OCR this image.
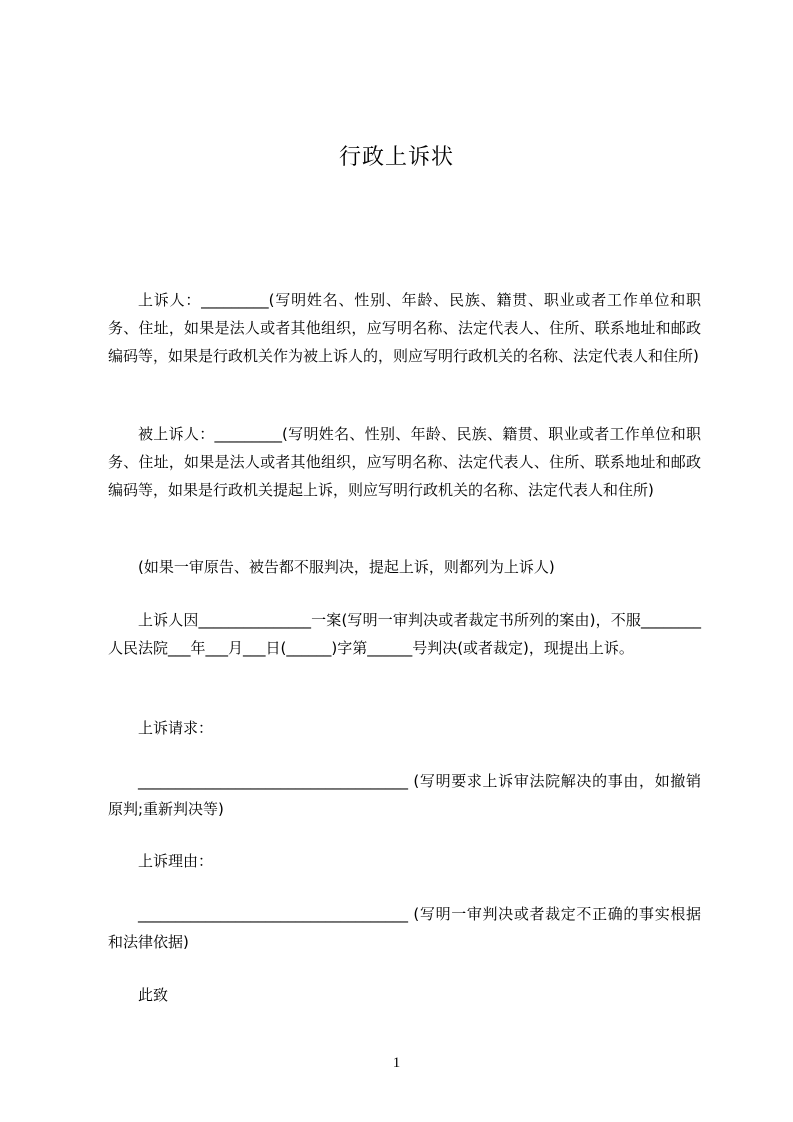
行政上诉状

上诉人：_________(写明姓名、性别、年龄、民族、籍贯、职业或者工作单位和职务、住址，如果是法人或者其他组织，应写明名称、法定代表人、住所、联系地址和邮政编码等，如果是行政机关作为被上诉人的，则应写明行政机关的名称、法定代表人和住所)

被上诉人：_________(写明姓名、性别、年龄、民族、籍贯、职业或者工作单位和职务、住址，如果是法人或者其他组织，应写明名称、法定代表人、住所、联系地址和邮政编码等，如果是行政机关提起上诉，则应写明行政机关的名称、法定代表人和住所)

(如果一审原告、被告都不服判决，提起上诉，则都列为上诉人)

上诉人因_______________一案(写明一审判决或者裁定书所列的案由)，不服________人民法院___年___月___日(______)字第______号判决(或者裁定)，现提出上诉。

上诉请求：

____________________________________ (写明要求上诉审法院解决的事由，如撤销原判;重新判决等)

上诉理由：

____________________________________ (写明一审判决或者裁定不正确的事实根据和法律依据)

此致

1
